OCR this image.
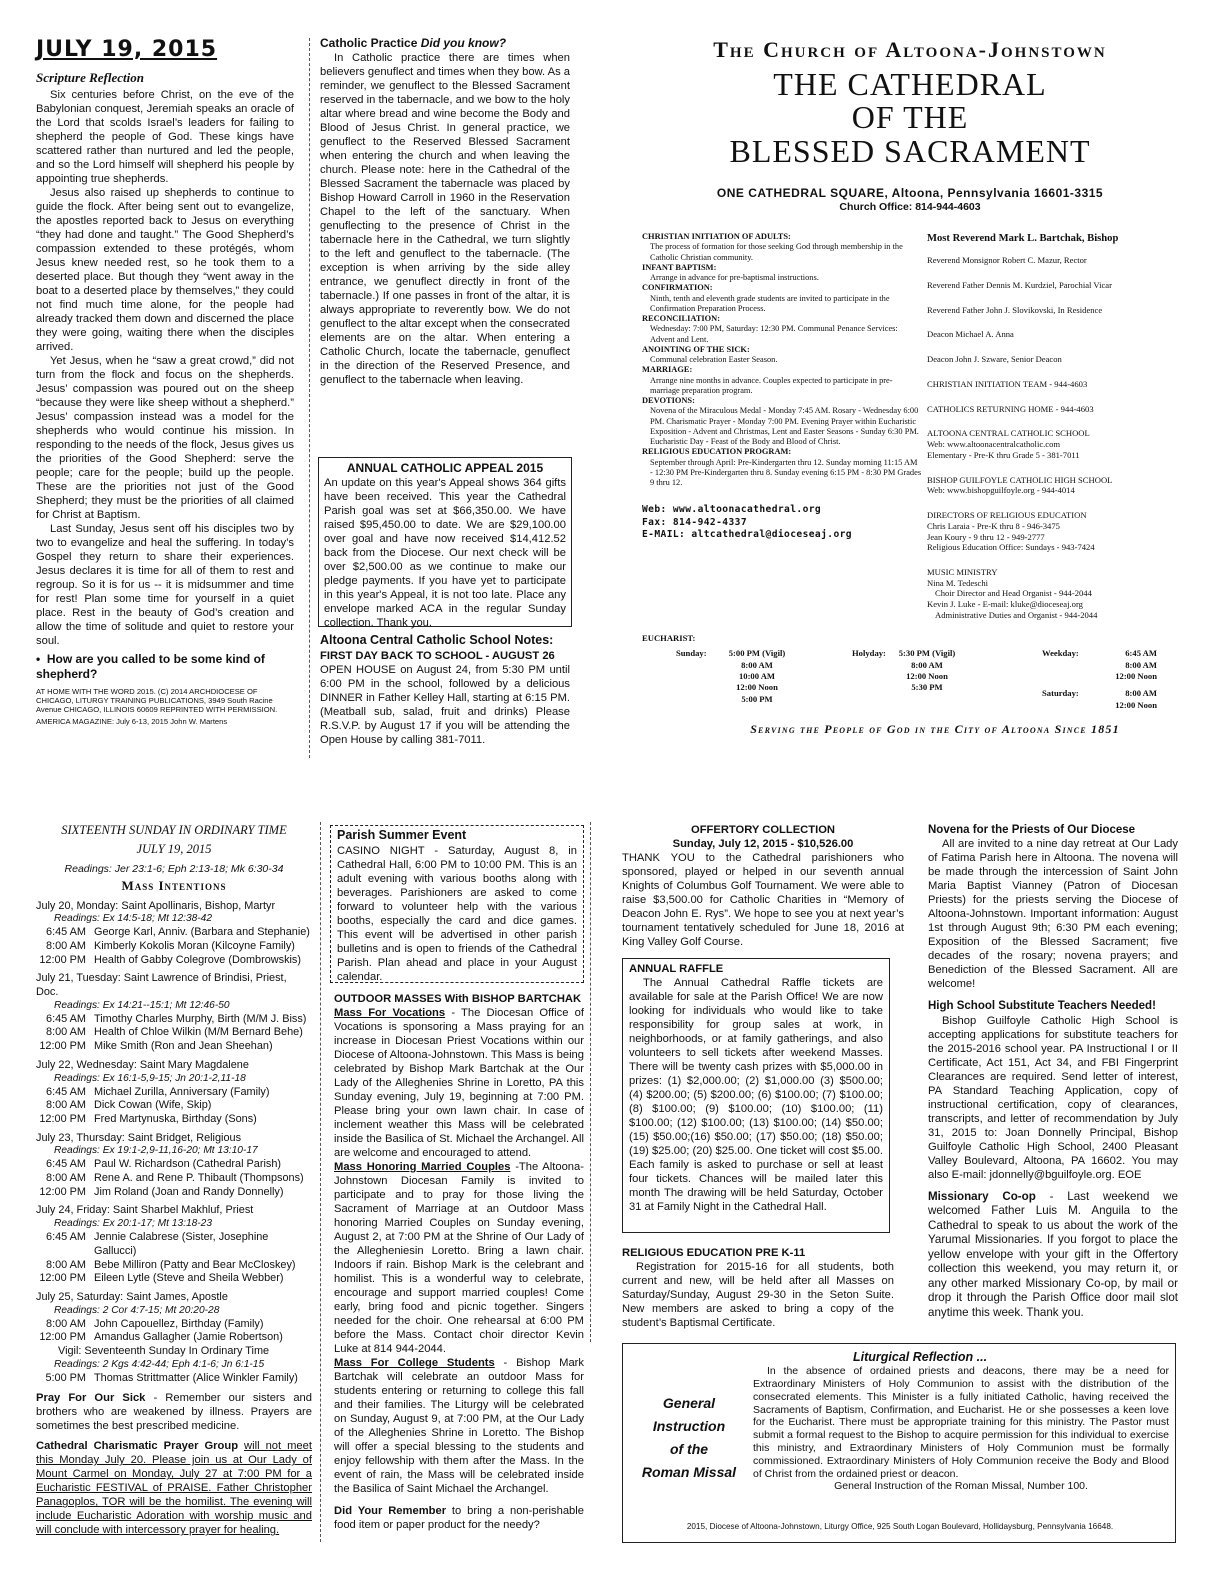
JULY 19, 2015
Scripture Reflection

Six centuries before Christ, on the eve of the Babylonian conquest, Jeremiah speaks an oracle of the Lord that scolds Israel’s leaders for failing to shepherd the people of God. These kings have scattered rather than nurtured and led the people, and so the Lord himself will shepherd his people by appointing true shepherds.

Jesus also raised up shepherds to continue to guide the flock. After being sent out to evangelize, the apostles reported back to Jesus on everything “they had done and taught.” The Good Shepherd’s compassion extended to these protégés, whom Jesus knew needed rest, so he took them to a deserted place. But though they “went away in the boat to a deserted place by themselves,” they could not find much time alone, for the people had already tracked them down and discerned the place they were going, waiting there when the disciples arrived.

Yet Jesus, when he “saw a great crowd,” did not turn from the flock and focus on the shepherds. Jesus’ compassion was poured out on the sheep “because they were like sheep without a shepherd.” Jesus’ compassion instead was a model for the shepherds who would continue his mission. In responding to the needs of the flock, Jesus gives us the priorities of the Good Shepherd: serve the people; care for the people; build up the people. These are the priorities not just of the Good Shepherd; they must be the priorities of all claimed for Christ at Baptism.

Last Sunday, Jesus sent off his disciples two by two to evangelize and heal the suffering. In today’s Gospel they return to share their experiences. Jesus declares it is time for all of them to rest and regroup. So it is for us -- it is midsummer and time for rest! Plan some time for yourself in a quiet place. Rest in the beauty of God’s creation and allow the time of solitude and quiet to restore your soul.

•  How are you called to be some kind of shepherd?

AT HOME WITH THE WORD 2015. (C) 2014 ARCHDIOCESE OF CHICAGO, LITURGY TRAINING PUBLICATIONS, 3949 South Racine Avenue CHICAGO, ILLINOIS 60609 REPRINTED WITH PERMISSION.

AMERICA MAGAZINE: July 6-13, 2015 John W. Martens

Catholic Practice Did you know?

In Catholic practice there are times when believers genuflect and times when they bow. As a reminder, we genuflect to the Blessed Sacrament reserved in the tabernacle, and we bow to the holy altar where bread and wine become the Body and Blood of Jesus Christ. In general practice, we genuflect to the Reserved Blessed Sacrament when entering the church and when leaving the church. Please note: here in the Cathedral of the Blessed Sacrament the tabernacle was placed by Bishop Howard Carroll in 1960 in the Reservation Chapel to the left of the sanctuary. When genuflecting to the presence of Christ in the tabernacle here in the Cathedral, we turn slightly to the left and genuflect to the tabernacle. (The exception is when arriving by the side alley entrance, we genuflect directly in front of the tabernacle.) If one passes in front of the altar, it is always appropriate to reverently bow. We do not genuflect to the altar except when the consecrated elements are on the altar. When entering a Catholic Church, locate the tabernacle, genuflect in the direction of the Reserved Presence, and genuflect to the tabernacle when leaving.

ANNUAL CATHOLIC APPEAL 2015

An update on this year's Appeal shows 364 gifts have been received. This year the Cathedral Parish goal was set at $66,350.00. We have raised $95,450.00 to date. We are $29,100.00 over goal and have now received $14,412.52 back from the Diocese. Our next check will be over $2,500.00 as we continue to make our pledge payments. If you have yet to participate in this year's Appeal, it is not too late. Place any envelope marked ACA in the regular Sunday collection. Thank you.

Altoona Central Catholic School Notes:
FIRST DAY BACK TO SCHOOL - AUGUST 26

OPEN HOUSE on August 24, from 5:30 PM until 6:00 PM in the school, followed by a delicious DINNER in Father Kelley Hall, starting at 6:15 PM. (Meatball sub, salad, fruit and drinks) Please R.S.V.P. by August 17 if you will be attending the Open House by calling 381-7011.

The Church of Altoona-Johnstown
THE CATHEDRAL
OF THE
BLESSED SACRAMENT
ONE CATHEDRAL SQUARE, Altoona, Pennsylvania 16601-3315
Church Office: 814-944-4603
CHRISTIAN INITIATION OF ADULTS:
The process of formation for those seeking God through membership in the Catholic Christian community.
INFANT BAPTISM:
Arrange in advance for pre-baptismal instructions.
CONFIRMATION:
Ninth, tenth and eleventh grade students are invited to participate in the Confirmation Preparation Process.
RECONCILIATION:
Wednesday: 7:00 PM, Saturday: 12:30 PM. Communal Penance Services: Advent and Lent.
ANOINTING OF THE SICK:
Communal celebration Easter Season.
MARRIAGE:
Arrange nine months in advance. Couples expected to participate in pre-marriage preparation program.
DEVOTIONS:
Novena of the Miraculous Medal - Monday 7:45 AM. Rosary - Wednesday 6:00 PM. Charismatic Prayer - Monday 7:00 PM. Evening Prayer within Eucharistic Exposition - Advent and Christmas, Lent and Easter Seasons - Sunday 6:30 PM. Eucharistic Day - Feast of the Body and Blood of Christ.
RELIGIOUS EDUCATION PROGRAM:
September through April: Pre-Kindergarten thru 12. Sunday morning 11:15 AM - 12:30 PM Pre-Kindergarten thru 8. Sunday evening 6:15 PM - 8:30 PM Grades 9 thru 12.
Web: www.altoonacathedral.org
Fax: 814-942-4337
E-MAIL: altcathedral@dioceseaj.org

Most Reverend Mark L. Bartchak, Bishop

Reverend Monsignor Robert C. Mazur, Rector

Reverend Father Dennis M. Kurdziel, Parochial Vicar

Reverend Father John J. Slovikovski, In Residence

Deacon Michael A. Anna

Deacon John J. Szware, Senior Deacon

CHRISTIAN INITIATION TEAM - 944-4603

CATHOLICS RETURNING HOME - 944-4603

ALTOONA CENTRAL CATHOLIC SCHOOL

Web: www.altoonacentralcatholic.com

Elementary - Pre-K thru Grade 5 - 381-7011

BISHOP GUILFOYLE CATHOLIC HIGH SCHOOL

Web: www.bishopguilfoyle.org - 944-4014

DIRECTORS OF RELIGIOUS EDUCATION

Chris Laraia - Pre-K thru 8 - 946-3475

Jean Koury - 9 thru 12 - 949-2777

Religious Education Office: Sundays - 943-7424

MUSIC MINISTRY

Nina M. Tedeschi

Choir Director and Head Organist - 944-2044

Kevin J. Luke - E-mail: kluke@dioceseaj.org

Administrative Duties and Organist - 944-2044

EUCHARIST:
Sunday:	5:00 PM (Vigil)
8:00 AM
10:00 AM
12:00 Noon
5:00 PM
Holyday:	5:30 PM (Vigil)
8:00 AM
12:00 Noon
5:30 PM
Weekday:	6:45 AM
8:00 AM
12:00 Noon
Saturday:	8:00 AM
12:00 Noon
Serving the People of God in the City of Altoona Since 1851
SIXTEENTH SUNDAY IN ORDINARY TIME
JULY 19, 2015
Readings: Jer 23:1-6; Eph 2:13-18; Mk 6:30-34
Mass Intentions
July 20, Monday: Saint Apollinaris, Bishop, Martyr
Readings: Ex 14:5-18; Mt 12:38-42
6:45 AM George Karl, Anniv. (Barbara and Stephanie)
8:00 AM Kimberly Kokolis Moran (Kilcoyne Family)
12:00 PM Health of Gabby Colegrove (Dombrowskis)
July 21, Tuesday: Saint Lawrence of Brindisi, Priest, Doc.
Readings: Ex 14:21--15:1; Mt 12:46-50
6:45 AM Timothy Charles Murphy, Birth (M/M J. Biss)
8:00 AM Health of Chloe Wilkin (M/M Bernard Behe)
12:00 PM Mike Smith (Ron and Jean Sheehan)
July 22, Wednesday: Saint Mary Magdalene
Readings: Ex 16:1-5,9-15; Jn 20:1-2,11-18
6:45 AM Michael Zurilla, Anniversary (Family)
8:00 AM Dick Cowan (Wife, Skip)
12:00 PM Fred Martynuska, Birthday (Sons)
July 23, Thursday: Saint Bridget, Religious
Readings: Ex 19:1-2,9-11,16-20; Mt 13:10-17
6:45 AM Paul W. Richardson (Cathedral Parish)
8:00 AM Rene A. and Rene P. Thibault (Thompsons)
12:00 PM Jim Roland (Joan and Randy Donnelly)
July 24, Friday: Saint Sharbel Makhluf, Priest
Readings: Ex 20:1-17; Mt 13:18-23
6:45 AM Jennie Calabrese (Sister, Josephine Gallucci)
8:00 AM Bebe Milliron (Patty and Bear McCloskey)
12:00 PM Eileen Lytle (Steve and Sheila Webber)
July 25, Saturday: Saint James, Apostle
Readings: 2 Cor 4:7-15; Mt 20:20-28
8:00 AM John Capouellez, Birthday (Family)
12:00 PM Amandus Gallagher (Jamie Robertson)
Vigil: Seventeenth Sunday In Ordinary Time
Readings: 2 Kgs 4:42-44; Eph 4:1-6; Jn 6:1-15
5:00 PM Thomas Strittmatter (Alice Winkler Family)

Pray For Our Sick - Remember our sisters and brothers who are weakened by illness. Prayers are sometimes the best prescribed medicine.

Cathedral Charismatic Prayer Group will not meet this Monday July 20. Please join us at Our Lady of Mount Carmel on Monday, July 27 at 7:00 PM for a Eucharistic FESTIVAL of PRAISE. Father Christopher Panagoplos, TOR will be the homilist. The evening will include Eucharistic Adoration with worship music and will conclude with intercessory prayer for healing.

Parish Summer Event

CASINO NIGHT - Saturday, August 8, in Cathedral Hall, 6:00 PM to 10:00 PM. This is an adult evening with various booths along with beverages. Parishioners are asked to come forward to volunteer help with the various booths, especially the card and dice games. This event will be advertised in other parish bulletins and is open to friends of the Cathedral Parish. Plan ahead and place in your August calendar.

OUTDOOR MASSES With BISHOP BARTCHAK

Mass For Vocations - The Diocesan Office of Vocations is sponsoring a Mass praying for an increase in Diocesan Priest Vocations within our Diocese of Altoona-Johnstown. This Mass is being celebrated by Bishop Mark Bartchak at the Our Lady of the Alleghenies Shrine in Loretto, PA this Sunday evening, July 19, beginning at 7:00 PM. Please bring your own lawn chair. In case of inclement weather this Mass will be celebrated inside the Basilica of St. Michael the Archangel. All are welcome and encouraged to attend.

Mass Honoring Married Couples -The Altoona-Johnstown Diocesan Family is invited to participate and to pray for those living the Sacrament of Marriage at an Outdoor Mass honoring Married Couples on Sunday evening, August 2, at 7:00 PM at the Shrine of Our Lady of the Allegheniesin Loretto. Bring a lawn chair. Indoors if rain. Bishop Mark is the celebrant and homilist. This is a wonderful way to celebrate, encourage and support married couples! Come early, bring food and picnic together. Singers needed for the choir. One rehearsal at 6:00 PM before the Mass. Contact choir director Kevin Luke at 814 944-2044.

Mass For College Students - Bishop Mark Bartchak will celebrate an outdoor Mass for students entering or returning to college this fall and their families. The Liturgy will be celebrated on Sunday, August 9, at 7:00 PM, at the Our Lady of the Alleghenies Shrine in Loretto. The Bishop will offer a special blessing to the students and enjoy fellowship with them after the Mass. In the event of rain, the Mass will be celebrated inside the Basilica of Saint Michael the Archangel.

Did Your Remember to bring a non-perishable food item or paper product for the needy?

OFFERTORY COLLECTION
Sunday, July 12, 2015 - $10,526.00

THANK YOU to the Cathedral parishioners who sponsored, played or helped in our seventh annual Knights of Columbus Golf Tournament. We were able to raise $3,500.00 for Catholic Charities in “Memory of Deacon John E. Rys”. We hope to see you at next year’s tournament tentatively scheduled for June 18, 2016 at King Valley Golf Course.

ANNUAL RAFFLE

The Annual Cathedral Raffle tickets are available for sale at the Parish Office! We are now looking for individuals who would like to take responsibility for group sales at work, in neighborhoods, or at family gatherings, and also volunteers to sell tickets after weekend Masses. There will be twenty cash prizes with $5,000.00 in prizes: (1) $2,000.00; (2) $1,000.00 (3) $500.00; (4) $200.00; (5) $200.00; (6) $100.00; (7) $100.00; (8) $100.00; (9) $100.00; (10) $100.00; (11) $100.00; (12) $100.00; (13) $100.00; (14) $50.00; (15) $50.00;(16) $50.00; (17) $50.00; (18) $50.00; (19) $25.00; (20) $25.00. One ticket will cost $5.00. Each family is asked to purchase or sell at least four tickets. Chances will be mailed later this month The drawing will be held Saturday, October 31 at Family Night in the Cathedral Hall.

RELIGIOUS EDUCATION PRE K-11

Registration for 2015-16 for all students, both current and new, will be held after all Masses on Saturday/Sunday, August 29-30 in the Seton Suite. New members are asked to bring a copy of the student’s Baptismal Certificate.

Novena for the Priests of Our Diocese

All are invited to a nine day retreat at Our Lady of Fatima Parish here in Altoona. The novena will be made through the intercession of Saint John Maria Baptist Vianney (Patron of Diocesan Priests) for the priests serving the Diocese of Altoona-Johnstown. Important information: August 1st through August 9th; 6:30 PM each evening; Exposition of the Blessed Sacrament; five decades of the rosary; novena prayers; and Benediction of the Blessed Sacrament. All are welcome!

High School Substitute Teachers Needed!

Bishop Guilfoyle Catholic High School is accepting applications for substitute teachers for the 2015-2016 school year. PA Instructional I or II Certificate, Act 151, Act 34, and FBI Fingerprint Clearances are required. Send letter of interest, PA Standard Teaching Application, copy of instructional certification, copy of clearances, transcripts, and letter of recommendation by July 31, 2015 to: Joan Donnelly Principal, Bishop Guilfoyle Catholic High School, 2400 Pleasant Valley Boulevard, Altoona, PA 16602. You may also E-mail: jdonnelly@bguilfoyle.org. EOE

Missionary Co-op - Last weekend we welcomed Father Luis M. Anguila to the Cathedral to speak to us about the work of the Yarumal Missionaries. If you forgot to place the yellow envelope with your gift in the Offertory collection this weekend, you may return it, or any other marked Missionary Co-op, by mail or drop it through the Parish Office door mail slot anytime this week. Thank you.

General
Instruction
of the
Roman Missal
Liturgical Reflection ...

In the absence of ordained priests and deacons, there may be a need for Extraordinary Ministers of Holy Communion to assist with the distribution of the consecrated elements. This Minister is a fully initiated Catholic, having received the Sacraments of Baptism, Confirmation, and Eucharist. He or she possesses a keen love for the Eucharist. There must be appropriate training for this ministry. The Pastor must submit a formal request to the Bishop to acquire permission for this individual to exercise this ministry, and Extraordinary Ministers of Holy Communion must be formally commissioned. Extraordinary Ministers of Holy Communion receive the Body and Blood of Christ from the ordained priest or deacon.

General Instruction of the Roman Missal, Number 100.

2015, Diocese of Altoona-Johnstown, Liturgy Office, 925 South Logan Boulevard, Hollidaysburg, Pennsylvania 16648.
